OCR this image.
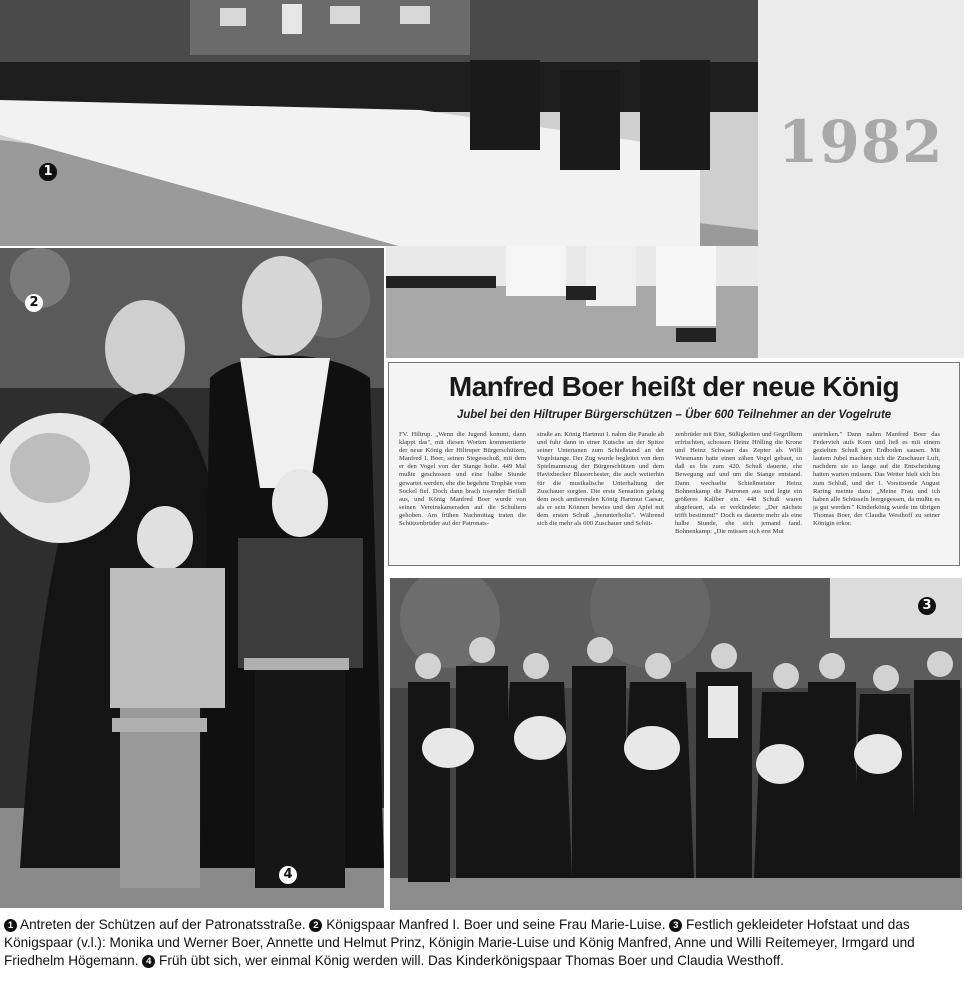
1	1982
2
4
Manfred Boer heißt der neue König
Jubel bei den Hiltruper Bürgerschützen – Über 600 Teilnehmer an der Vogelrute
FV. Hiltrup. „Wenn die Jugend kommt, dann klappt das", mit diesen Worten kommentierte der neue König der Hiltruper Bürgerschützen, Manfred I. Boer, seinen Siegesschuß, mit dem er den Vogel von der Stange holte. 449 Mal mußte geschossen und eine halbe Stunde gewartet werden, ehe die begehrte Trophäe vom Sockel fiel. Doch dann brach tosender Beifall aus, und König Manfred Boer wurde von seinen Vereinskameraden auf die Schultern gehoben. Am frühen Nachmittag traten die Schützenbrüder auf der Patronats-
straße an. König Hartmut I. nahm die Parade ab und fuhr dann in einer Kutsche an der Spitze seiner Untertanen zum Schießstand an der Vogelstange. Der Zug wurde begleitet von dem Spielmannszug der Bürgerschützen und dem Havixbecker Blasorchester, die auch weiterhin für die musikalische Unterhaltung der Zuschauer sorgten. Die erste Sensation gelang dem noch amtierenden König Hartmut Caesar, als er sein Können bewies und den Apfel mit dem ersten Schuß „herunterholte". Während sich die mehr als 600 Zuschauer und Schüt-
zenbrüder mit Bier, Süßigkeiten und Gegrilltem erfrischten, schossen Heinz Hölling die Krone und Heinz Schwaer das Zepter ab. Willi Wiesmann hatte einen zähen Vogel gebaut, so daß es bis zum 420. Schuß dauerte, ehe Bewegung auf und um die Stange entstand. Dann wechselte Schießmeister Heinz Bohnenkamp die Patronen aus und legte ein größeres Kaliber ein. 448 Schuß waren abgefeuert, als er verkündete: „Der nächste trifft bestimmt!" Doch es dauerte mehr als eine halbe Stunde, ehe sich jemand fand. Bohnenkamp: „Die müssen sich erst Mut
antrinken." Dann nahm Manfred Boer das Federvieh aufs Korn und ließ es mit einem gezielten Schuß gen Erdboden sausen. Mit lautem Jubel machten sich die Zuschauer Luft, nachdem sie so lange auf die Entscheidung hatten warten müssen. Das Wetter hielt sich bis zum Schluß, und der 1. Vorsitzende August Raring meinte dazu: „Meine Frau und ich haben alle Schüsseln leergegessen, da mußte es ja gut werden." Kinderkönig wurde im übrigen Thomas Boer, der Claudia Westhoff zu seiner Königin erkor.
3
1 Antreten der Schützen auf der Patronatsstraße. 2 Königspaar Manfred I. Boer und seine Frau Marie-Luise. 3 Festlich gekleideter Hofstaat und das Königspaar (v.l.): Monika und Werner Boer, Annette und Helmut Prinz, Königin Marie-Luise und König Manfred, Anne und Willi Reitemeyer, Irmgard und Friedhelm Högemann. 4 Früh übt sich, wer einmal König werden will. Das Kinderkönigspaar Thomas Boer und Claudia Westhoff.
